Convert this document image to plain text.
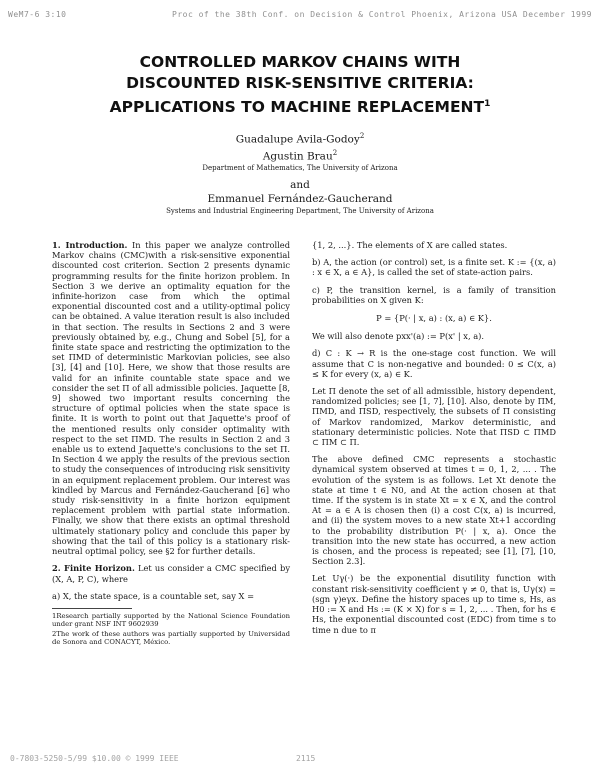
WeM7-6 3:10	Proc of the 38th Conf. on Decision & Control Phoenix, Arizona USA December 1999
CONTROLLED MARKOV CHAINS WITH
DISCOUNTED RISK-SENSITIVE CRITERIA:
APPLICATIONS TO MACHINE REPLACEMENT$^1$
Guadalupe Avila-Godoy$^2$
Agustin Brau$^2$
Department of Mathematics, The University of Arizona
and
Emmanuel Fernández-Gaucherand
Systems and Industrial Engineering Department, The University of Arizona

1. Introduction. In this paper we analyze controlled Markov chains (CMC)with a risk-sensitive exponential discounted cost criterion. Section 2 presents dynamic programming results for the finite horizon problem. In Section 3 we derive an optimality equation for the infinite-horizon case from which the optimal exponential discounted cost and a utility-optimal policy can be obtained. A value iteration result is also included in that section. The results in Sections 2 and 3 were previously obtained by, e.g., Chung and Sobel [5], for a finite state space and restricting the optimization to the set ΠMD of deterministic Markovian policies, see also [3], [4] and [10]. Here, we show that those results are valid for an infinite countable state space and we consider the set Π of all admissible policies. Jaquette [8, 9] showed two important results concerning the structure of optimal policies when the state space is finite. It is worth to point out that Jaquette's proof of the mentioned results only consider optimality with respect to the set ΠMD. The results in Section 2 and 3 enable us to extend Jaquette's conclusions to the set Π. In Section 4 we apply the results of the previous section to study the consequences of introducing risk sensitivity in an equipment replacement problem. Our interest was kindled by Marcus and Fernández-Gaucherand [6] who study risk-sensitivity in a finite horizon equipment replacement problem with partial state information. Finally, we show that there exists an optimal threshold ultimately stationary policy and conclude this paper by showing that the tail of this policy is a stationary risk-neutral optimal policy, see §2 for further details.

2. Finite Horizon. Let us consider a CMC specified by (X, A, P, C), where

a) X, the state space, is a countable set, say X =

1Research partially supported by the National Science Foundation under grant NSF INT 9602939
2The work of these authors was partially supported by Universidad de Sonora and CONACYT, México.

{1, 2, ...}. The elements of X are called states.

b) A, the action (or control) set, is a finite set. K := {(x, a) : x ∈ X, a ∈ A}, is called the set of state-action pairs.

c) P, the transition kernel, is a family of transition probabilities on X given K:

P = {P(· | x, a) : (x, a) ∈ K}.

We will also denote pxx'(a) := P(x' | x, a).

d) C : K → R is the one-stage cost function. We will assume that C is non-negative and bounded: 0 ≤ C(x, a) ≤ K for every (x, a) ∈ K.

Let Π denote the set of all admissible, history dependent, randomized policies; see [1, 7], [10]. Also, denote by ΠM, ΠMD, and ΠSD, respectively, the subsets of Π consisting of Markov randomized, Markov deterministic, and stationary deterministic policies. Note that ΠSD ⊂ ΠMD ⊂ ΠM ⊂ Π.

The above defined CMC represents a stochastic dynamical system observed at times t = 0, 1, 2, ... . The evolution of the system is as follows. Let Xt denote the state at time t ∈ N0, and At the action chosen at that time. If the system is in state Xt = x ∈ X, and the control At = a ∈ A is chosen then (i) a cost C(x, a) is incurred, and (ii) the system moves to a new state Xt+1 according to the probability distribution P(· | x, a). Once the transition into the new state has occurred, a new action is chosen, and the process is repeated; see [1], [7], [10, Section 2.3].

Let Uγ(·) be the exponential disutility function with constant risk-sensitivity coefficient γ ≠ 0, that is, Uγ(x) = (sgn γ)eγx. Define the history spaces up to time s, Hs, as H0 := X and Hs := (K × X) for s = 1, 2, ... . Then, for hs ∈ Hs, the exponential discounted cost (EDC) from time s to time n due to π

0-7803-5250-5/99 $10.00 © 1999 IEEE	2115
